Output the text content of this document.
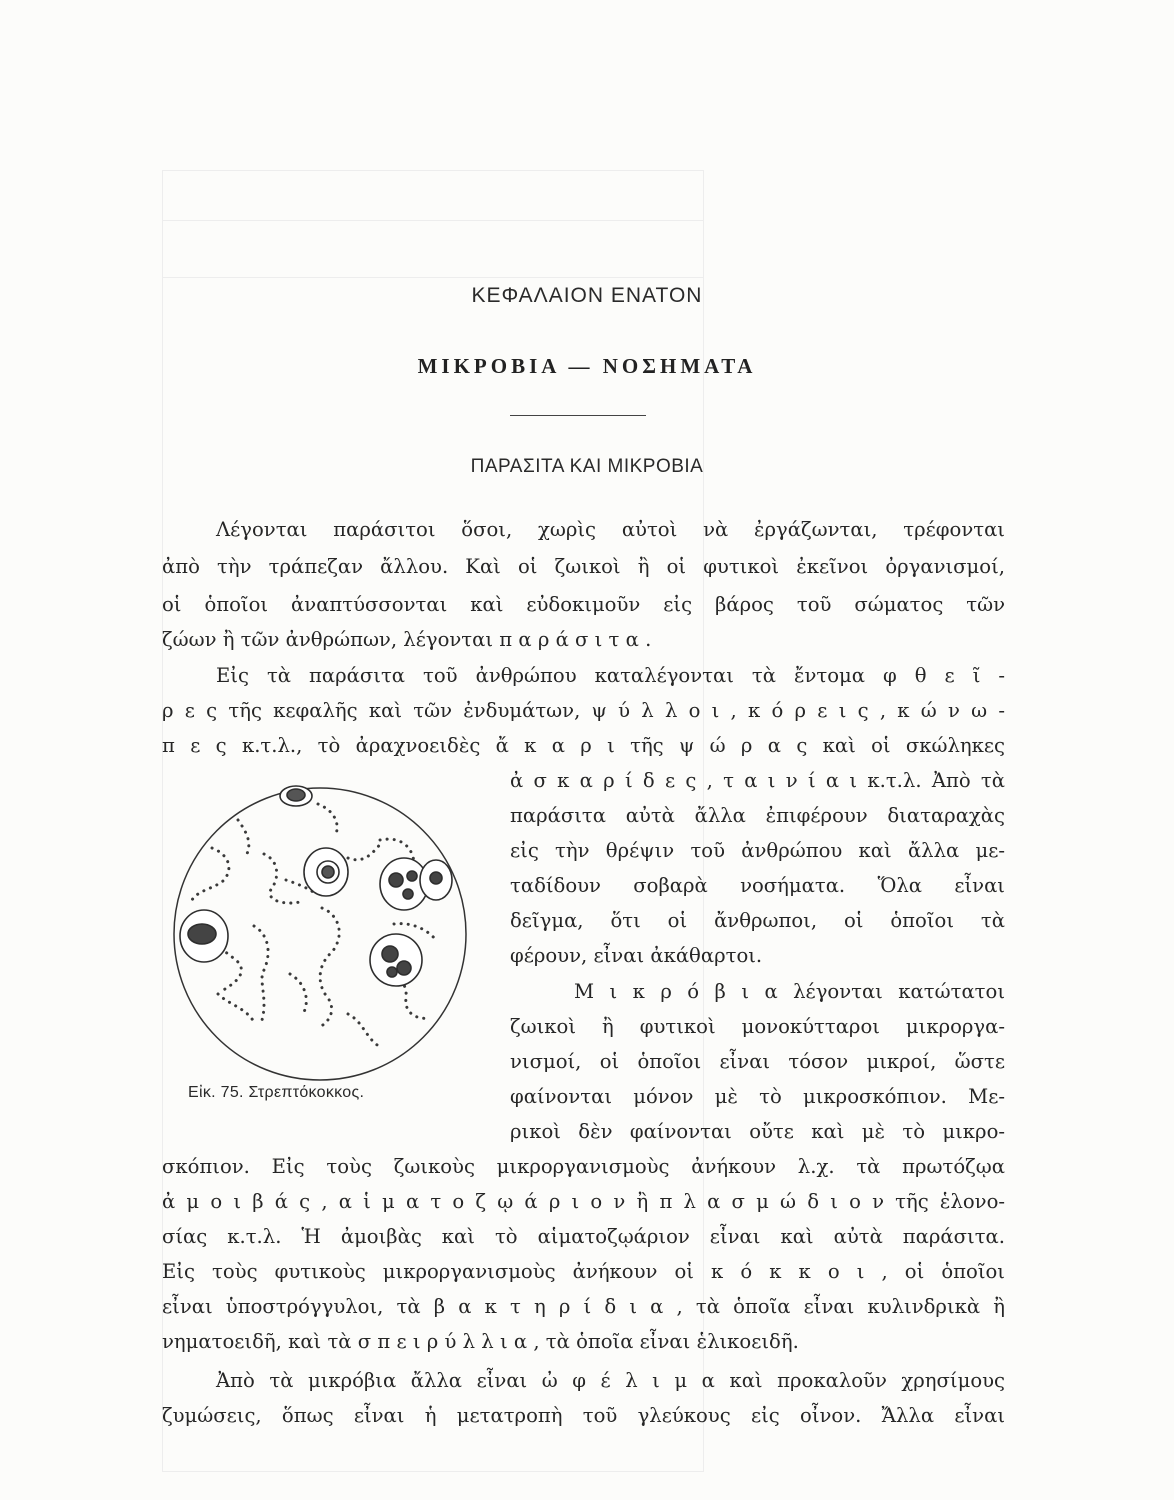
ΚΕΦΑΛΑΙΟΝ ΕΝΑΤΟΝ
ΜΙΚΡΟΒΙΑ — ΝΟΣΗΜΑΤΑ
ΠΑΡΑΣΙΤΑ ΚΑΙ ΜΙΚΡΟΒΙΑ
Λέγονται παράσιτοι ὅσοι, χωρὶς αὐτοὶ νὰ ἐργάζωνται, τρέφονται
ἀπὸ τὴν τράπεζαν ἄλλου. Καὶ οἱ ζωικοὶ ἢ οἱ φυτικοὶ ἐκεῖνοι ὀργανισμοί,
οἱ ὁποῖοι ἀναπτύσσονται καὶ εὐδοκιμοῦν εἰς βάρος τοῦ σώματος τῶν
ζώων ἢ τῶν ἀνθρώπων, λέγονται π α ρ ά σ ι τ α .
Εἰς τὰ παράσιτα τοῦ ἀνθρώπου καταλέγονται τὰ ἔντομα φ θ ε ῖ -
ρ ε ς τῆς κεφαλῆς καὶ τῶν ἐνδυμάτων, ψ ύ λ λ ο ι , κ ό ρ ε ι ς , κ ώ ν ω -
π ε ς κ.τ.λ., τὸ ἀραχνοειδὲς ἄ κ α ρ ι τῆς ψ ώ ρ α ς καὶ οἱ σκώληκες
ἀ σ κ α ρ ί δ ε ς , τ α ι ν ί α ι κ.τ.λ. Ἀπὸ τὰ
παράσιτα αὐτὰ ἄλλα ἐπιφέρουν διαταραχὰς
εἰς τὴν θρέψιν τοῦ ἀνθρώπου καὶ ἄλλα με-
ταδίδουν σοβαρὰ νοσήματα. Ὅλα εἶναι
δεῖγμα, ὅτι οἱ ἄνθρωποι, οἱ ὁποῖοι τὰ
φέρουν, εἶναι ἀκάθαρτοι.
Μ ι κ ρ ό β ι α λέγονται κατώτατοι
ζωικοὶ ἢ φυτικοὶ μονοκύτταροι μικρoργα-
νισμοί, οἱ ὁποῖοι εἶναι τόσον μικροί, ὥστε
φαίνονται μόνον μὲ τὸ μικροσκόπιον. Με-
ρικοὶ δὲν φαίνονται οὔτε καὶ μὲ τὸ μικρο-
σκόπιον. Εἰς τοὺς ζωικοὺς μικρoργανισμοὺς ἀνήκουν λ.χ. τὰ πρωτόζῳα
ἀ μ ο ι β ά ς , α ἱ μ α τ ο ζ ῳ ά ρ ι ο ν ἢ π λ α σ μ ώ δ ι ο ν τῆς ἑλονο-
σίας κ.τ.λ. Ἡ ἀμοιβὰς καὶ τὸ αἱματοζῳάριον εἶναι καὶ αὐτὰ παράσιτα.
Εἰς τοὺς φυτικοὺς μικρoργανισμοὺς ἀνήκουν οἱ κ ό κ κ ο ι , οἱ ὁποῖοι
εἶναι ὑποστρόγγυλοι, τὰ β α κ τ η ρ ί δ ι α , τὰ ὁποῖα εἶναι κυλινδρικὰ ἢ
νηματοειδῆ, καὶ τὰ σ π ε ι ρ ύ λ λ ι α , τὰ ὁποῖα εἶναι ἑλικοειδῆ.
Ἀπὸ τὰ μικρόβια ἄλλα εἶναι ὠ φ έ λ ι μ α καὶ προκαλοῦν χρησίμους
ζυμώσεις, ὅπως εἶναι ἡ μετατροπὴ τοῦ γλεύκους εἰς οἶνον. Ἄλλα εἶναι
Εἰκ. 75. Στρεπτόκοκκος.
